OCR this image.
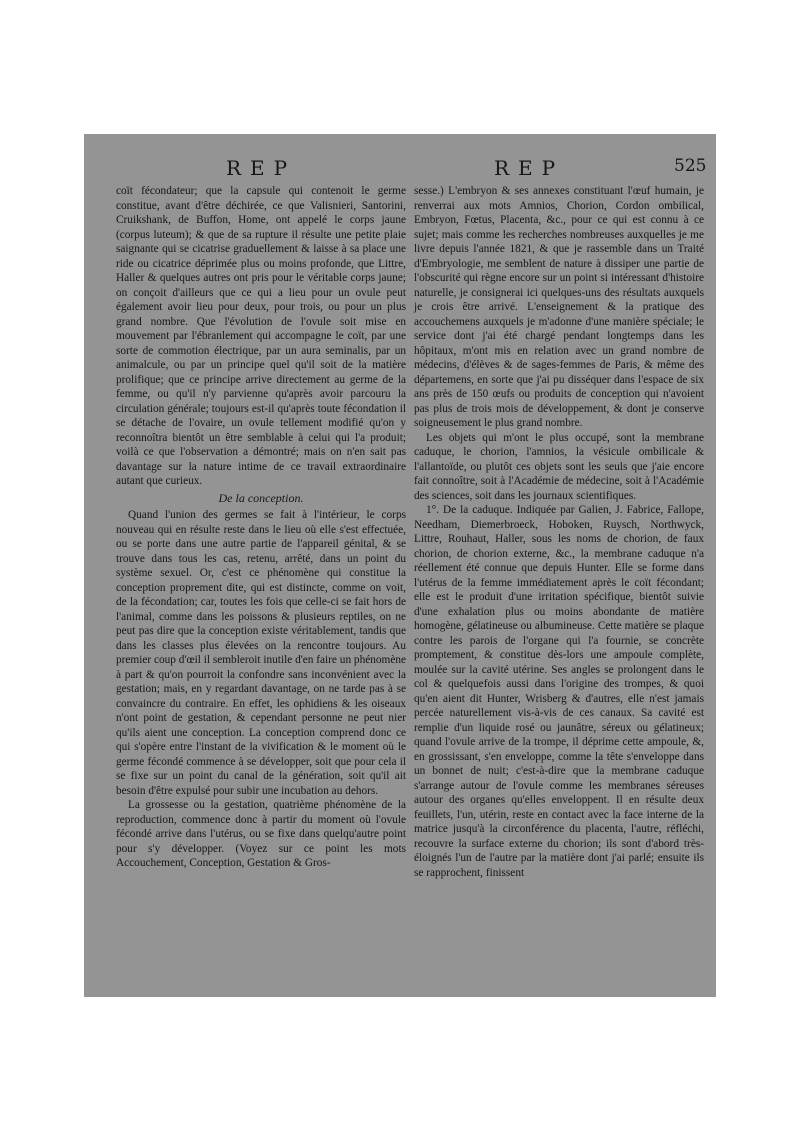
REP	REP	525

coït fécondateur; que la capsule qui contenoit le germe constitue, avant d'être déchirée, ce que Valisnieri, Santorini, Cruikshank, de Buffon, Home, ont appelé le corps jaune (corpus luteum); & que de sa rupture il résulte une petite plaie saignante qui se cicatrise graduellement & laisse à sa place une ride ou cicatrice déprimée plus ou moins profonde, que Littre, Haller & quelques autres ont pris pour le véritable corps jaune; on conçoit d'ailleurs que ce qui a lieu pour un ovule peut également avoir lieu pour deux, pour trois, ou pour un plus grand nombre. Que l'évolution de l'ovule soit mise en mouvement par l'ébranlement qui accompagne le coït, par une sorte de commotion électrique, par un aura seminalis, par un animalcule, ou par un principe quel qu'il soit de la matière prolifique; que ce principe arrive directement au germe de la femme, ou qu'il n'y parvienne qu'après avoir parcouru la circulation générale; toujours est-il qu'après toute fécondation il se détache de l'ovaire, un ovule tellement modifié qu'on y reconnoîtra bientôt un être semblable à celui qui l'a produit; voilà ce que l'observation a démontré; mais on n'en sait pas davantage sur la nature intime de ce travail extraordinaire autant que curieux.

De la conception.

Quand l'union des germes se fait à l'intérieur, le corps nouveau qui en résulte reste dans le lieu où elle s'est effectuée, ou se porte dans une autre partie de l'appareil génital, & se trouve dans tous les cas, retenu, arrêté, dans un point du système sexuel. Or, c'est ce phénomène qui constitue la conception proprement dite, qui est distincte, comme on voit, de la fécondation; car, toutes les fois que celle-ci se fait hors de l'animal, comme dans les poissons & plusieurs reptiles, on ne peut pas dire que la conception existe véritablement, tandis que dans les classes plus élevées on la rencontre toujours. Au premier coup d'œil il sembleroit inutile d'en faire un phénomène à part & qu'on pourroit la confondre sans inconvénient avec la gestation; mais, en y regardant davantage, on ne tarde pas à se convaincre du contraire. En effet, les ophidiens & les oiseaux n'ont point de gestation, & cependant personne ne peut nier qu'ils aient une conception. La conception comprend donc ce qui s'opère entre l'instant de la vivification & le moment où le germe fécondé commence à se développer, soit que pour cela il se fixe sur un point du canal de la génération, soit qu'il ait besoin d'être expulsé pour subir une incubation au dehors.

La grossesse ou la gestation, quatrième phénomène de la reproduction, commence donc à partir du moment où l'ovule fécondé arrive dans l'utérus, ou se fixe dans quelqu'autre point pour s'y développer. (Voyez sur ce point les mots Accouchement, Conception, Gestation & Gros-

sesse.) L'embryon & ses annexes constituant l'œuf humain, je renverrai aux mots Amnios, Chorion, Cordon ombilical, Embryon, Fœtus, Placenta, &c., pour ce qui est connu à ce sujet; mais comme les recherches nombreuses auxquelles je me livre depuis l'année 1821, & que je rassemble dans un Traité d'Embryologie, me semblent de nature à dissiper une partie de l'obscurité qui règne encore sur un point si intéressant d'histoire naturelle, je consignerai ici quelques-uns des résultats auxquels je crois être arrivé. L'enseignement & la pratique des accouchemens auxquels je m'adonne d'une manière spéciale; le service dont j'ai été chargé pendant longtemps dans les hôpitaux, m'ont mis en relation avec un grand nombre de médecins, d'élèves & de sages-femmes de Paris, & même des départemens, en sorte que j'ai pu disséquer dans l'espace de six ans près de 150 œufs ou produits de conception qui n'avoient pas plus de trois mois de développement, & dont je conserve soigneusement le plus grand nombre.

Les objets qui m'ont le plus occupé, sont la membrane caduque, le chorion, l'amnios, la vésicule ombilicale & l'allantoïde, ou plutôt ces objets sont les seuls que j'aie encore fait connoître, soit à l'Académie de médecine, soit à l'Académie des sciences, soit dans les journaux scientifiques.

1°. De la caduque. Indiquée par Galien, J. Fabrice, Fallope, Needham, Diemerbroeck, Hoboken, Ruysch, Northwyck, Littre, Rouhaut, Haller, sous les noms de chorion, de faux chorion, de chorion externe, &c., la membrane caduque n'a réellement été connue que depuis Hunter. Elle se forme dans l'utérus de la femme immédiatement après le coït fécondant; elle est le produit d'une irritation spécifique, bientôt suivie d'une exhalation plus ou moins abondante de matière homogène, gélatineuse ou albumineuse. Cette matière se plaque contre les parois de l'organe qui l'a fournie, se concrète promptement, & constitue dès-lors une ampoule complète, moulée sur la cavité utérine. Ses angles se prolongent dans le col & quelquefois aussi dans l'origine des trompes, & quoi qu'en aient dit Hunter, Wrisberg & d'autres, elle n'est jamais percée naturellement vis-à-vis de ces canaux. Sa cavité est remplie d'un liquide rosé ou jaunâtre, séreux ou gélatineux; quand l'ovule arrive de la trompe, il déprime cette ampoule, &, en grossissant, s'en enveloppe, comme la tête s'enveloppe dans un bonnet de nuit; c'est-à-dire que la membrane caduque s'arrange autour de l'ovule comme les membranes séreuses autour des organes qu'elles enveloppent. Il en résulte deux feuillets, l'un, utérin, reste en contact avec la face interne de la matrice jusqu'à la circonférence du placenta, l'autre, réfléchi, recouvre la surface externe du chorion; ils sont d'abord très-éloignés l'un de l'autre par la matière dont j'ai parlé; ensuite ils se rapprochent, finissent
